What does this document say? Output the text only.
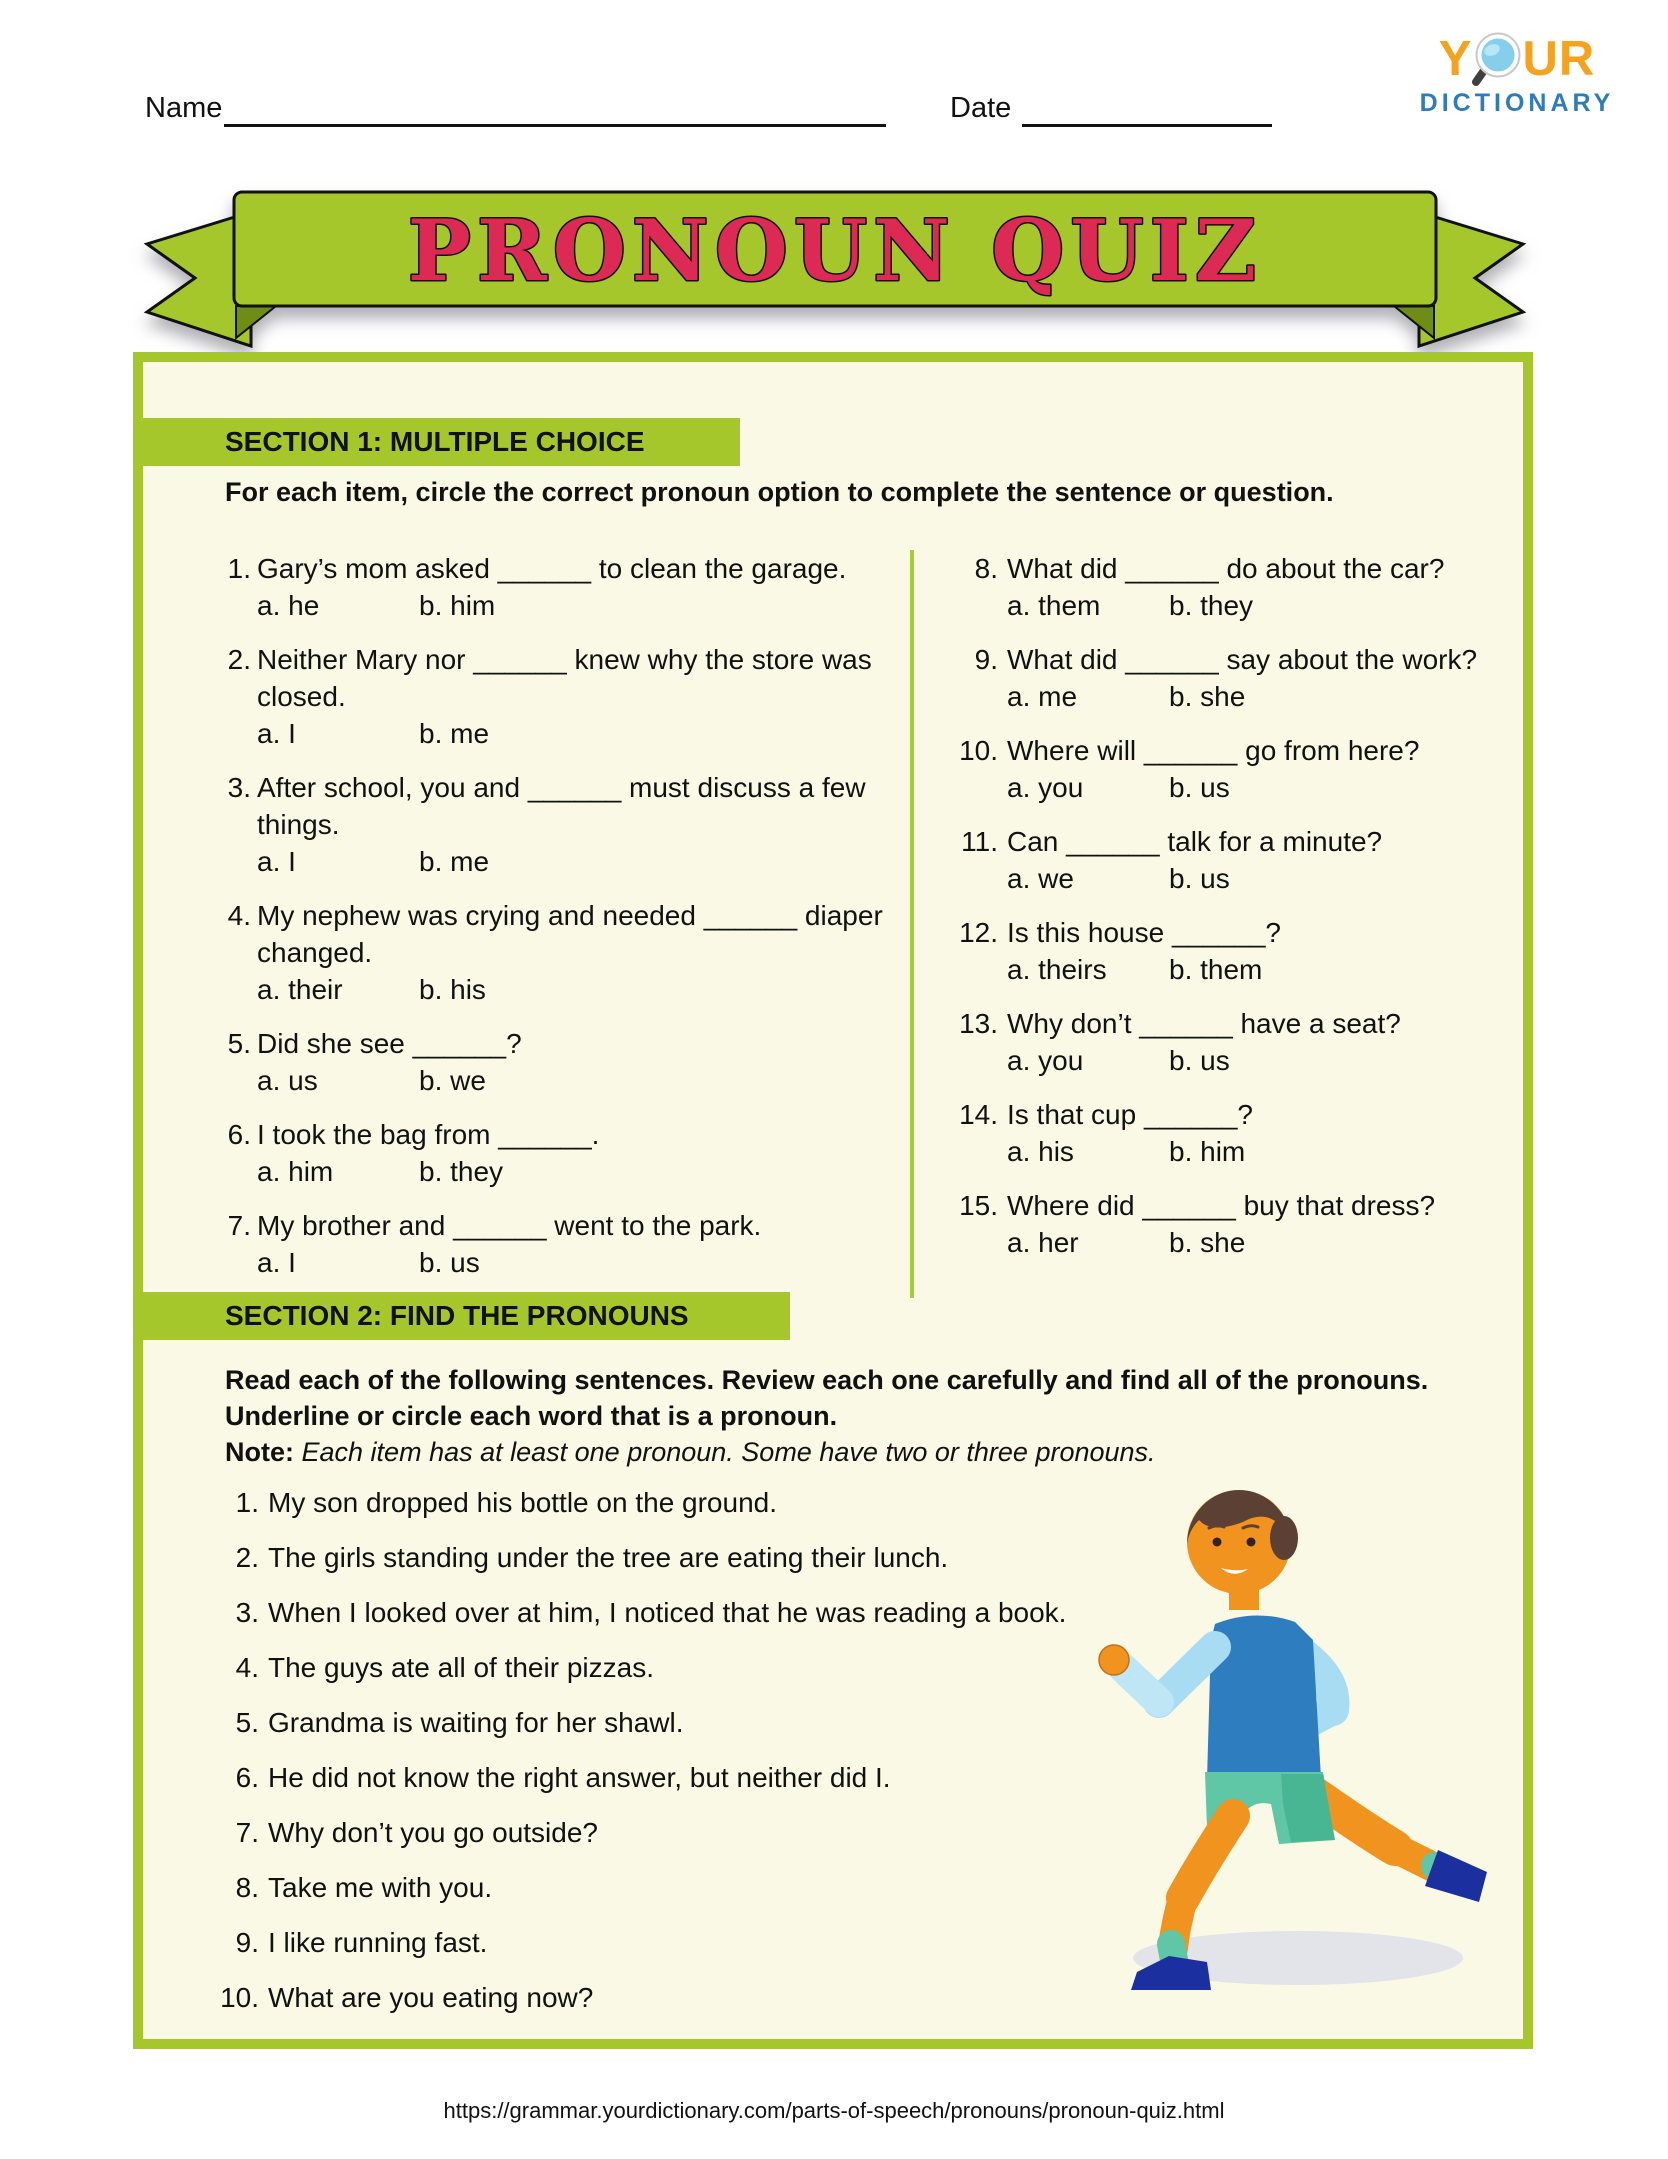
Name	Date
Y UR
DICTIONARY
PRONOUN QUIZ
SECTION 1: MULTIPLE CHOICE
For each item, circle the correct pronoun option to complete the sentence or question.
1. Gary’s mom asked ______ to clean the garage.
a. he	b. him
2. Neither Mary nor ______ knew why the store was closed.
a. I	b. me
3. After school, you and ______ must discuss a few things.
a. I	b. me
4. My nephew was crying and needed ______ diaper changed.
a. their	b. his
5. Did she see ______?
a. us	b. we
6. I took the bag from ______.
a. him	b. they
7. My brother and ______ went to the park.
a. I	b. us
8. What did ______ do about the car?
a. them	b. they
9. What did ______ say about the work?
a. me	b. she
10. Where will ______ go from here?
a. you	b. us
11. Can ______ talk for a minute?
a. we	b. us
12. Is this house ______?
a. theirs	b. them
13. Why don’t ______ have a seat?
a. you	b. us
14. Is that cup ______?
a. his	b. him
15. Where did ______ buy that dress?
a. her	b. she
SECTION 2: FIND THE PRONOUNS
Read each of the following sentences. Review each one carefully and find all of the pronouns. Underline or circle each word that is a pronoun.
Note: Each item has at least one pronoun. Some have two or three pronouns.
1. My son dropped his bottle on the ground.
2. The girls standing under the tree are eating their lunch.
3. When I looked over at him, I noticed that he was reading a book.
4. The guys ate all of their pizzas.
5. Grandma is waiting for her shawl.
6. He did not know the right answer, but neither did I.
7. Why don’t you go outside?
8. Take me with you.
9. I like running fast.
10. What are you eating now?
https://grammar.yourdictionary.com/parts-of-speech/pronouns/pronoun-quiz.html
